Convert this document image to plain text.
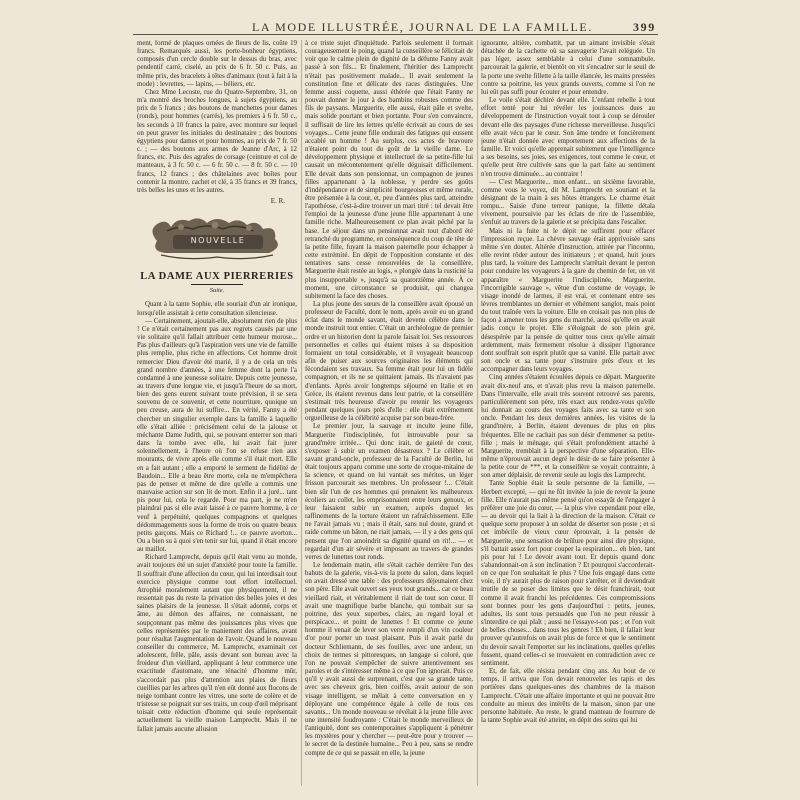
LA MODE ILLUSTRÉE, JOURNAL DE LA FAMILLE.	399

ment, formé de plaques ornées de fleurs de lis, coûte 19 francs. Remarqués aussi, les porte-bonheur égyptiens, composés d'un cercle double sur le dessus du bras, avec pendentif carré, ciselé, au prix de 6 fr. 50 c. Puis, au même prix, des bracelets à têtes d'animaux (tout à fait à la mode) : levrettes, — lapins, — béliers, etc.

Chez Mme Lecoste, rue du Quatre-Septembre, 31, on m'a montré des broches longues, à sujets égyptiens, au prix de 5 francs ; des boutons de manchettes pour dames (ronds), pour hommes (carrés), les premiers à 6 fr. 50 c., les seconds à 10 francs la paire, avec monture sur lequel on peut graver les initiales du destinataire ; des boutons égyptiens pour dames et pour hommes, au prix de 7 fr. 50 c. ; — des boutons aux armes de Jeanne d'Arc, à 12 francs, etc. Puis des agrafes de corsage (ceinture et col de manteaux, à 3 fr. 50 c. — 6 fr. 50 c. — 8 fr. 50 c. — 10 francs, 12 francs ; des châtelaines avec boîtes pour contenir la montre, cachet et clé, à 35 francs et 39 francs, très belles les unes et les autres.

E. R.
NOUVELLE
LA DAME AUX PIERRERIES
Suite.

Quant à la tante Sophie, elle souriait d'un air ironique, lorsqu'elle assistait à cette consultation silencieuse.

— Certainement, ajoutait-elle, absolument rien de plus ! Ce n'était certainement pas aux regrets causés par une vie solitaire qu'il fallait attribuer cette humeur morose... Pas plus d'ailleurs qu'à l'aspiration vers une vie de famille plus remplie, plus riche en affections. Cet homme droit remercier Dieu d'avoir été marié, il y a de cela un très grand nombre d'années, à une femme dont la perte l'a condamné à une jeunesse solitaire. Depuis cette jeunesse, au travers d'une longue vie, et jusqu'à l'heure de sa mort, bien des gens eurent suivant toute prévision, il se sera souvenu de ce souvenir, et cette nourriture, quoique un peu creuse, aura de lui suffire... En vérité, Fanny a été chercher un singulier exemple dans la famille à laquelle elle s'était alliée : précisément celui de la jalouse et méchante Dame Judith, qui, se pouvant enterrer son mari dans la tombe avec elle, lui avait fait jurer solennellement, à l'heure où l'on se refuse rien aux mourants, de vivre après elle comme s'il était mort. Elle en a fait autant ; elle a emporté le serment de fidélité de Baudoin... Elle a beau être morte, cela ne m'empêchera pas de penser et même de dire qu'elle a commis une mauvaise action sur son lit de mort. Enfin il a juré... tant pis pour lui, cela le regarde. Pour ma part, je ne m'en plaindrai pas si elle avait laissé à ce pauvre homme, à ce veuf à perpétuité, quelques compagnons et quelques dédommagements sous la forme de trois ou quatre beaux petits garçons. Mais ce Richard !... ce pauvre avorton... Ou a bien su à quoi s'en tenir sur lui, quand il était encore au maillot.

Richard Lamprecht, depuis qu'il était venu au monde, avait toujours été un sujet d'anxiété pour toute la famille. Il souffrait d'une affection du cœur, qui lui interdisait tout exercice physique comme tout effort intellectuel. Atrophié moralement autant que physiquement, il ne ressentait pas du reste la privation des belles joies et des saines plaisirs de la jeunesse. Il s'était adonné, corps et âme, au démon des affaires, ne connaissant, ne soupçonnant pas même des jouissances plus vives que celles représentées par le maniement des affaires, avant pour résultat l'augmentation de l'avoir. Quand le nouveau conseiller du commerce, M. Lamprecht, examinait cet adolescent, frêle, pâle, assis devant son bureau avec la froideur d'un vieillard, appliquant à leur commerce une exactitude d'automate, une ténacité d'homme mûr, s'accordait pas plus d'attention aux plaies de fleurs cueillies par les arbres qu'il n'en eût donné aux flocons de neige tombant contre les vitres, une sorte de colère et de tristesse se poignait sur ses traits, un coup d'œil méprisant toisait cette réduction d'homme qui seule représentait actuellement la vieille maison Lamprecht. Mais il ne fallait jamais aucune allusion

à ce triste sujet d'inquiétude. Parfois seulement il formait courageusement le poing, quand la conseillère se félicitait de voir que le calme plein de dignité de la défunte Fanny avait passé à son fils... Et finalement, l'héritier des Lamprecht n'était pas positivement malade... Il avait seulement la constitution fine et délicate des races distinguées. Une femme aussi coquette, aussi éthérée que l'était Fanny ne pouvait donner le jour à des bambins robustes comme des fils de paysans. Marguerite, elle aussi, était pâle et svelte, mais solide pourtant et bien portante. Pour s'en convaincre, il suffisait de lire les lettres qu'elle écrivait au cours de ses voyages... Cette jeune fille endurait des fatigues qui eussent accablé un homme ! Au surplus, ces actes de bravoure n'étaient point du tout du goût de la vieille dame. Le développement physique et intellectuel de sa petite-fille lui causait un mécontentement qu'elle déguisait difficilement. Elle devait dans son pensionnat, un compagnon de jeunes filles appartenant à la noblesse, y perdre ses goûts d'indépendance et de simplicité bourgeoises et même rurale, être présentée à la cour, et, peu d'années plus tard, atteindre l'apothéose, c'est-à-dire trouver un mari titré : tel devait être l'emploi de la jeunesse d'une jeune fille appartenant à une famille riche. Malheureusement ce plan avait péché par la base. Le séjour dans un pensionnat avait tout d'abord été retranché du programme, en conséquence du coup de tête de la petite fille, fuyant la maison paternelle pour échapper à cette extrémité. En dépit de l'opposition constante et des tentatives sans cesse renouvelées de la conseillère, Marguerite était restée au logis, « plongée dans la rusticité la plus insupportable », jusqu'à sa quatorzième année. À ce moment, une circonstance se produisit, qui changea subitement la face des choses.

La plus jeune des sœurs de la conseillère avait épousé un professeur de Faculté, dont le nom, après avoir eu un grand éclat dans le monde savant, était devenu célèbre dans le monde instruit tout entier. C'était un archéologue de premier ordre et un historien dont la parole faisait loi. Ses ressources personnelles et celles qui étaient mises à sa disposition formaient un total considérable, et il voyageait beaucoup afin de puiser aux sources originaires les éléments qui fécondaient ses travaux. Sa femme était pour lui un fidèle compagnon, et ils ne se quittaient jamais. Ils n'avaient pas d'enfants. Après avoir longtemps séjourné en Italie et en Grèce, ils étaient revenus dans leur patrie, et la conseillère s'estimait très heureuse d'avoir pu retenir les voyageurs pendant quelques jours près d'elle : elle était extrêmement orgueilleuse de la célébrité acquise par son beau-frère.

Le premier jour, la sauvage et inculte jeune fille, Marguerite l'indisciplinée, fut introuvable pour sa grand'mère irritée... Qui donc irait, de gaieté de cœur, s'exposer à subir un examen désastreux ? Le célèbre et savant grand-oncle, professeur de la Faculté de Berlin, lui était toujours apparu comme une sorte de croque-mitaine de la science, et quand on lui vantait ses mérites, un léger frisson parcourait ses membres. Un professeur !... C'était bien sûr l'un de ces hommes qui prenaient les malheureux écoliers au collet, les emprisonnaient entre leurs genoux, et leur faisaient subir un examen, auprès duquel les raffinements de la torture étaient un rafraîchissement. Elle ne l'avait jamais vu ; mais il était, sans nul doute, grand et raide comme un bâton, ne riait jamais, — il y a des gens qui pensent que l'on amoindrit sa dignité quand on rit!... — et regardait d'un air sévère et imposant au travers de grandes verres de lunettes tout ronds.

Le lendemain matin, elle s'était cachée derrière l'un des bahuts de la galerie, vis-à-vis la porte du salon, dans lequel on avait dressé une table : des professeurs déjeunaient chez son père. Elle avait ouvert ses yeux tout grands... car ce beau vieillard riait, et véritablement il riait de tout son cœur. Il avait une magnifique barbe blanche, qui tombait sur sa poitrine, des yeux superbes, clairs, au regard loyal et perspicace... et point de lunettes ! Et comme ce jeune homme il venait de lever son verre rempli d'un vin couleur d'or pour porter un toast plaisant. Puis il avait parlé du docteur Schliemann, de ses fouilles, avec une ardeur, un choix de termes si pittoresques, un langage si coloré, que l'on ne pouvait s'empêcher de suivre attentivement ses paroles et de s'intéresser même à ce que l'on ignorait. Puis ce qu'il y avait aussi de surprenant, c'est que sa grande tante, avec ses cheveux gris, bien coiffés, avait autour de son visage intelligent, se mêlait à cette conversation en y déployant une compétence égale à celle de tous ces savants... Un monde nouveau se révélait à la jeune fille avec une intensité foudroyante : C'était le monde merveilleux de l'antiquité, dont ses contemporaines s'appliquent à pénétrer les mystères pour y chercher — peut-être pour y trouver — le secret de la destinée humaine... Peu à peu, sans se rendre compte de ce qui se passait en elle, la jeune

ignorante, altière, combattit, par un aimant invisible s'était détachée de la cachette où sa sauvagerie l'avait reléguée. Un pas léger, assez semblable à celui d'une somnambule, parcourait la galerie, et bientôt on vit s'encadrer sur le seuil de la porte une svelte fillette à la taille élancée, les mains pressées contre sa poitrine, les yeux grands ouverts, comme si l'on ne lui eût pas suffi pour écouter et pour entendre.

Le voile s'était déchiré devant elle. L'enfant rebelle à tout effort tenté pour lui révéler les jouissances dues au développement de l'instruction voyait tout à coup se dérouler devant elle des paysages d'une richesse merveilleuse. Jusqu'ici elle avait vécu par le cœur. Son âme tendre et foncièrement jeune n'était donnée avec emportement aux affections de la famille. Et voici qu'elle apprenait subitement que l'intelligence a ses besoins, ses joies, ses exigences, tout comme le cœur, et qu'elle peut être cultivée sans que la part faite au sentiment n'en trouve diminuée... au contraire !

— C'est Marguerite... mon enfant... un sixième favorable, comme vous le voyez, dit M. Lamprecht en souriant et la désignant de la main à ses hôtes étrangers. Le charme était rompu... Saisie d'une terreur panique, la fillette détala vivement, poursuivie par les éclats de rire de l'assemblée, s'enfuit au travers de la galerie et se précipita dans l'escalier.

Mais ni la fuite ni le dépit ne suffirent pour effacer l'impression reçue. La chèvre sauvage était apprivoisée sans même s'en douter. Altérée d'instruction, attirée par l'inconnu, elle revint rôder autour des initiateurs ; et quand, huit jours plus tard, la voiture des Lamprecht s'arrêtait devant le perron pour conduire les voyageurs à la gare du chemin de fer, on vit apparaître « Marguerite l'indisciplinée, Marguerite, l'incorrigible sauvage », vêtue d'un costume de voyage, le visage inondé de larmes, il est vrai, et contenant entre ses lèvres tremblantes un dernier et véhément sanglot, mais point du tout traînée vers la voiture. Elle en croisait pas non plus de façon à amener tous les gens du marché, aussi qu'elle en avait jadis conçu le projet. Elle s'éloignait de son plein gré, désespérée par la pensée de quitter tous ceux qu'elle aimait ardemment, mais fermement résolue à dissiper l'ignorance dont souffrait son esprit plutôt que sa vanité. Elle partait avec son oncle et sa tante pour s'instruire près d'eux et les accompagner dans leurs voyages.

Cinq années s'étaient écoulées depuis ce départ. Marguerite avait dix-neuf ans, et n'avait plus revu la maison paternelle. Dans l'intervalle, elle avait très souvent retrouvé ses parents, particulièrement son père, très exact aux rendez-vous qu'elle lui donnait au cours des voyages faits avec sa tante et son oncle. Pendant les deux dernières années, les visites de la grand'mère, à Berlin, étaient devenues de plus en plus fréquentes. Elle ne cachait pas son désir d'emmener sa petite-fille ; mais le ménage, qui s'était profondément attaché à Marguerite, tremblait à la perspective d'une séparation. Elle-même n'éprouvait aucun degré le désir de se faire présenter à la petite cour de ***, et la conseillère se voyait contrainte, à son amer déplaisir, de revenir seule au logis des Lamprecht.

Tante Sophie était la seule personne de la famille, — Herbert excepté, — qui ne fût invitée la joie de revoir la jeune fille. Elle n'aurait pas même pensé qu'on essayât de l'engager à préférer une joie du cœur, — la plus vive cependant pour elle, — au devoir qui la liait à la direction de la maison. C'était ce quelque sorte proposer à un soldat de déserter son poste ; et si cet imbécile de vieux cœur éprouvait, à la pensée de Marguerite, une sensation de brûlure pour ainsi dire physique, s'il battait assez fort pour couper la respiration... eh bien, tant pis pour lui ! Le devoir avant tout. Et depuis quand donc s'abandonnait-on à son inclination ? Et pourquoi s'accorderait-on ce que l'on souhaitait le plus ? Une fois engagé dans cette voie, il n'y aurait plus de raison pour s'arrêter, et il deviendrait inutile de se poser des limites que le désir franchirait, tout comme il avait franchi les précédentes. Ces compromissions sont bonnes pour les gens d'aujourd'hui : petits, jeunes, adultes, ils sont tous persuadés que l'on ne peut réussir à s'interdire ce qui plaît ; aussi ne l'essaye-t-on pas ; et l'on voit de belles choses... dans tous les genres ! Eh bien, il fallait leur prouver qu'autrefois on avait plus de force et que le sentiment du devoir savait l'emporter sur les inclinations, quelles qu'elles fussent, quand celles-ci se trouvaient en contradiction avec ce sentiment.

Et, de fait, elle résista pendant cinq ans. Au bout de ce temps, il arriva que l'on devait renouveler les tapis et des portières dans quelques-unes des chambres de la maison Lamprecht. C'était une affaire importante et qui ne pouvait être conduite au mieux des intérêts de la maison, sinon par une personne habituée. Au reste, le grand manteau de fourrure de la tante Sophie avait été atteint, en dépit des soins qui lui
